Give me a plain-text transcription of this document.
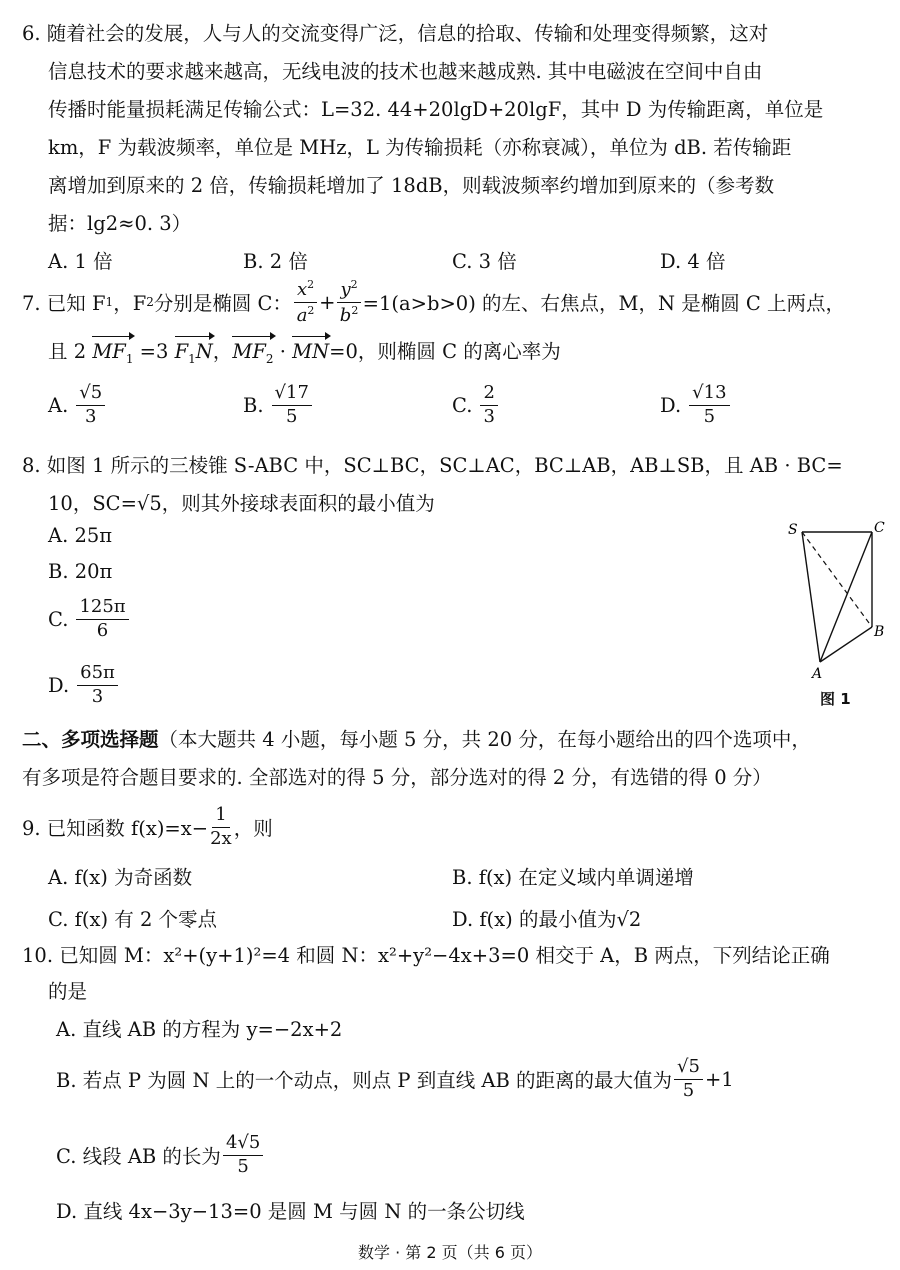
6. 随着社会的发展，人与人的交流变得广泛，信息的拾取、传输和处理变得频繁，这对
信息技术的要求越来越高，无线电波的技术也越来越成熟. 其中电磁波在空间中自由
传播时能量损耗满足传输公式：L=32. 44+20lgD+20lgF，其中 D 为传输距离，单位是
km，F 为载波频率，单位是 MHz，L 为传输损耗（亦称衰减），单位为 dB. 若传输距
离增加到原来的 2 倍，传输损耗增加了 18dB，则载波频率约增加到原来的（参考数
据：lg2≈0. 3）
A. 1 倍	B. 2 倍	C. 3 倍	D. 4 倍
7. 已知 F 1 ，F 2 分别是椭圆 C： $\frac{x^2}{a^2} + \frac{y^2}{b^2} =1(a>b>0)$ 的左、右焦点，M，N 是椭圆 C 上两点，
且 2 $MF_1 =3$ $F_1N$，$MF_2 \cdot MN=0$，则椭圆 C 的离心率为
A. $\frac{√5}{3}$	B. $\frac{√17}{5}$	C. $\frac{2}{3}$	D. $\frac{√13}{5}$
8. 如图 1 所示的三棱锥 S-ABC 中，SC⊥BC，SC⊥AC，BC⊥AB，AB⊥SB，且 AB · BC=
10，SC=√5，则其外接球表面积的最小值为
A. 25π
B. 20π
C. $\frac{125\pi}{6}$
D. $\frac{65\pi}{3}$
S	C
B
A
图 1
二、多项选择题（本大题共 4 小题，每小题 5 分，共 20 分，在每小题给出的四个选项中，
有多项是符合题目要求的. 全部选对的得 5 分，部分选对的得 2 分，有选错的得 0 分）
9. 已知函数 $f(x)=x- \frac{1}{2x}$ ，则
A. f(x) 为奇函数	B. f(x) 在定义域内单调递增
C. f(x) 有 2 个零点	D. f(x) 的最小值为√2
10. 已知圆 M：x²+(y+1)²=4 和圆 N：x²+y²−4x+3=0 相交于 A，B 两点，下列结论正确
的是
A. 直线 AB 的方程为 y=−2x+2
B. 若点 P 为圆 N 上的一个动点，则点 P 到直线 AB 的距离的最大值为 $\frac{√5}{5} +1$
C. 线段 AB 的长为 $\frac{4√5}{5}$
D. 直线 4x−3y−13=0 是圆 M 与圆 N 的一条公切线
数学 · 第 2 页（共 6 页）
